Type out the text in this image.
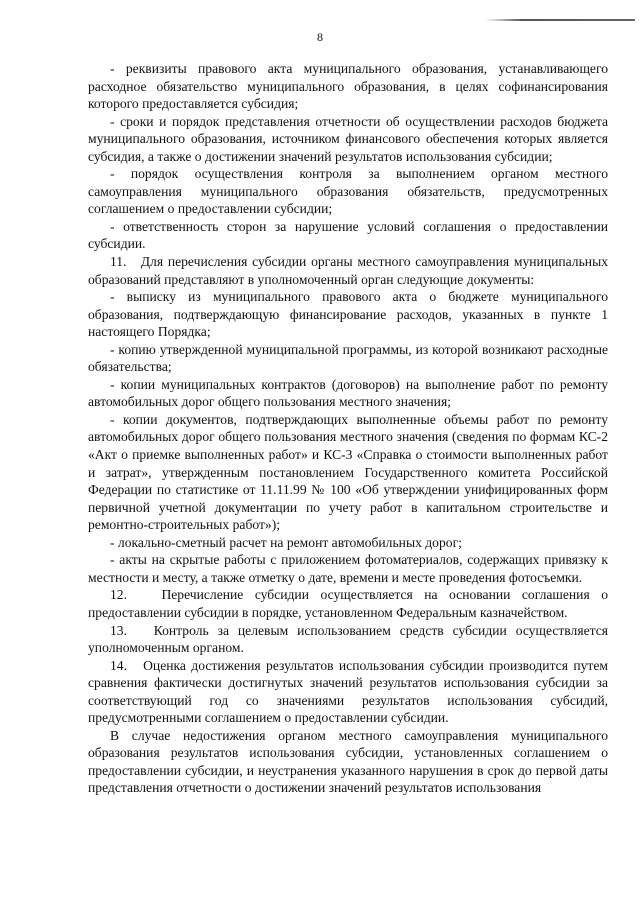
8

- реквизиты правового акта муниципального образования, устанавливающего расходное обязательство муниципального образования, в целях софинансирования которого предоставляется субсидия;

- сроки и порядок представления отчетности об осуществлении расходов бюджета муниципального образования, источником финансового обеспечения которых является субсидия, а также о достижении значений результатов использования субсидии;

- порядок осуществления контроля за выполнением органом местного самоуправления муниципального образования обязательств, предусмотренных соглашением о предоставлении субсидии;

- ответственность сторон за нарушение условий соглашения о предоставлении субсидии.

11.   Для перечисления субсидии органы местного самоуправления муниципальных образований представляют в уполномоченный орган следующие документы:

- выписку из муниципального правового акта о бюджете муниципального образования, подтверждающую финансирование расходов, указанных в пункте 1 настоящего Порядка;

- копию утвержденной муниципальной программы, из которой возникают расходные обязательства;

- копии муниципальных контрактов (договоров) на выполнение работ по ремонту автомобильных дорог общего пользования местного значения;

- копии документов, подтверждающих выполненные объемы работ по ремонту автомобильных дорог общего пользования местного значения (сведения по формам КС-2 «Акт о приемке выполненных работ» и КС-3 «Справка о стоимости выполненных работ и затрат», утвержденным постановлением Государственного комитета Российской Федерации по статистике от 11.11.99 № 100 «Об утверждении унифицированных форм первичной учетной документации по учету работ в капитальном строительстве и ремонтно-строительных работ»);

- локально-сметный расчет на ремонт автомобильных дорог;

- акты на скрытые работы с приложением фотоматериалов, содержащих привязку к местности и месту, а также отметку о дате, времени и месте проведения фотосъемки.

12.   Перечисление субсидии осуществляется на основании соглашения о предоставлении субсидии в порядке, установленном Федеральным казначейством.

13.   Контроль за целевым использованием средств субсидии осуществляется уполномоченным органом.

14.   Оценка достижения результатов использования субсидии производится путем сравнения фактически достигнутых значений результатов использования субсидии за соответствующий год со значениями результатов использования субсидий, предусмотренными соглашением о предоставлении субсидии.

В случае недостижения органом местного самоуправления муниципального образования результатов использования субсидии, установленных соглашением о предоставлении субсидии, и неустранения указанного нарушения в срок до первой даты представления отчетности о достижении значений результатов использования
